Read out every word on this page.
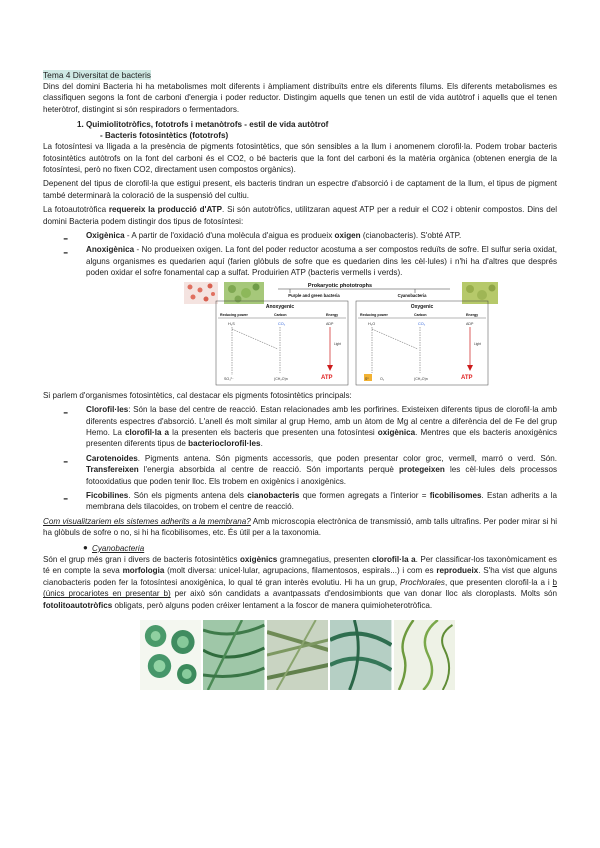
Tema 4 Diversitat de bacteris

Dins del domini Bacteria hi ha metabolismes molt diferents i àmpliament distribuïts entre els diferents fílums. Els diferents metabolismes es classifiquen segons la font de carboni d'energia i poder reductor. Distingim aquells que tenen un estil de vida autòtrof i aquells que el tenen heteròtrof, distingint si són respiradors o fermentadors.

1. Quimiolitotròfics, fototrofs i metanòtrofs - estil de vida autòtrof

- Bacteris fotosintètics (fototrofs)

La fotosíntesi va lligada a la presència de pigments fotosintètics, que són sensibles a la llum i anomenem clorofil·la. Podem trobar bacteris fotosintètics autòtrofs on la font del carboni és el CO2, o bé bacteris que la font del carboni és la matèria orgànica (obtenen energia de la fotosíntesi, però no fixen CO2, directament usen compostos orgànics).

Depenent del tipus de clorofil·la que estigui present, els bacteris tindran un espectre d'absorció i de captament de la llum, el tipus de pigment també determinarà la coloració de la suspensió del cultiu.

La fotoautotròfica requereix la producció d'ATP. Si són autotròfics, utilitzaran aquest ATP per a reduir el CO2 i obtenir compostos. Dins del domini Bacteria podem distingir dos tipus de fotosíntesi:

- Oxigènica - A partir de l'oxidació d'una molècula d'aigua es produeix oxigen (cianobacteris). S'obté ATP.

- Anoxigènica - No produeixen oxigen. La font del poder reductor acostuma a ser compostos reduïts de sofre. El sulfur seria oxidat, alguns organismes es quedarien aquí (farien glòbuls de sofre que es quedarien dins les cèl·lules) i n'hi ha d'altres que després poden oxidar el sofre fonamental cap a sulfat. Produirien ATP (bacteris vermells i verds).

Prokaryotic phototrophs
Purple and green bacteria	Cyanobacteria
Anoxygenic
Reducing power	Carbon	Energy
H₂S	CO₂	ADP
Light
SO₄²⁻	(CH₂O)n	ATP
Oxygenic
Reducing power	Carbon	Energy
H₂O	CO₂	ADP
Light
S⁰	O₂	(CH₂O)n	ATP

Si parlem d'organismes fotosintètics, cal destacar els pigments fotosintètics principals:

- Clorofil·les: Són la base del centre de reacció. Estan relacionades amb les porfirines. Existeixen diferents tipus de clorofil·la amb diferents espectres d'absorció. L'anell és molt similar al grup Hemo, amb un àtom de Mg al centre a diferència del de Fe del grup Hemo. La clorofil·la a la presenten els bacteris que presenten una fotosíntesi oxigènica. Mentres que els bacteris anoxigènics presenten diferents tipus de bacterioclorofil·les.

- Carotenoides. Pigments antena. Són pigments accessoris, que poden presentar color groc, vermell, marró o verd. Són. Transfereixen l'energia absorbida al centre de reacció. Són importants perquè protegeixen les cèl·lules dels processos fotooxidatius que poden tenir lloc. Els trobem en oxigènics i anoxigènics.

- Ficobilines. Són els pigments antena dels cianobacteris que formen agregats a l'interior = ficobilisomes. Estan adherits a la membrana dels tilacoides, on trobem el centre de reacció.

Com visualitzariem els sistemes adherits a la membrana? Amb microscopia electrònica de transmissió, amb talls ultrafins. Per poder mirar si hi ha glòbuls de sofre o no, si hi ha ficobilisomes, etc. És útil per a la taxonomia.

● Cyanobacteria

Són el grup més gran i divers de bacteris fotosintètics oxigènics gramnegatius, presenten clorofil·la a. Per classificar-los taxonòmicament es té en compte la seva morfologia (molt diversa: unicel·lular, agrupacions, filamentosos, espirals...) i com es reprodueix. S'ha vist que alguns cianobacteris poden fer la fotosíntesi anoxigènica, lo qual té gran interès evolutiu. Hi ha un grup, Prochlorales, que presenten clorofil·la a i b (únics procariotes en presentar b) per això són candidats a avantpassats d'endosimbionts que van donar lloc als cloroplasts. Molts són fotolitoautotròfics obligats, però alguns poden créixer lentament a la foscor de manera quimioheterotròfica.
